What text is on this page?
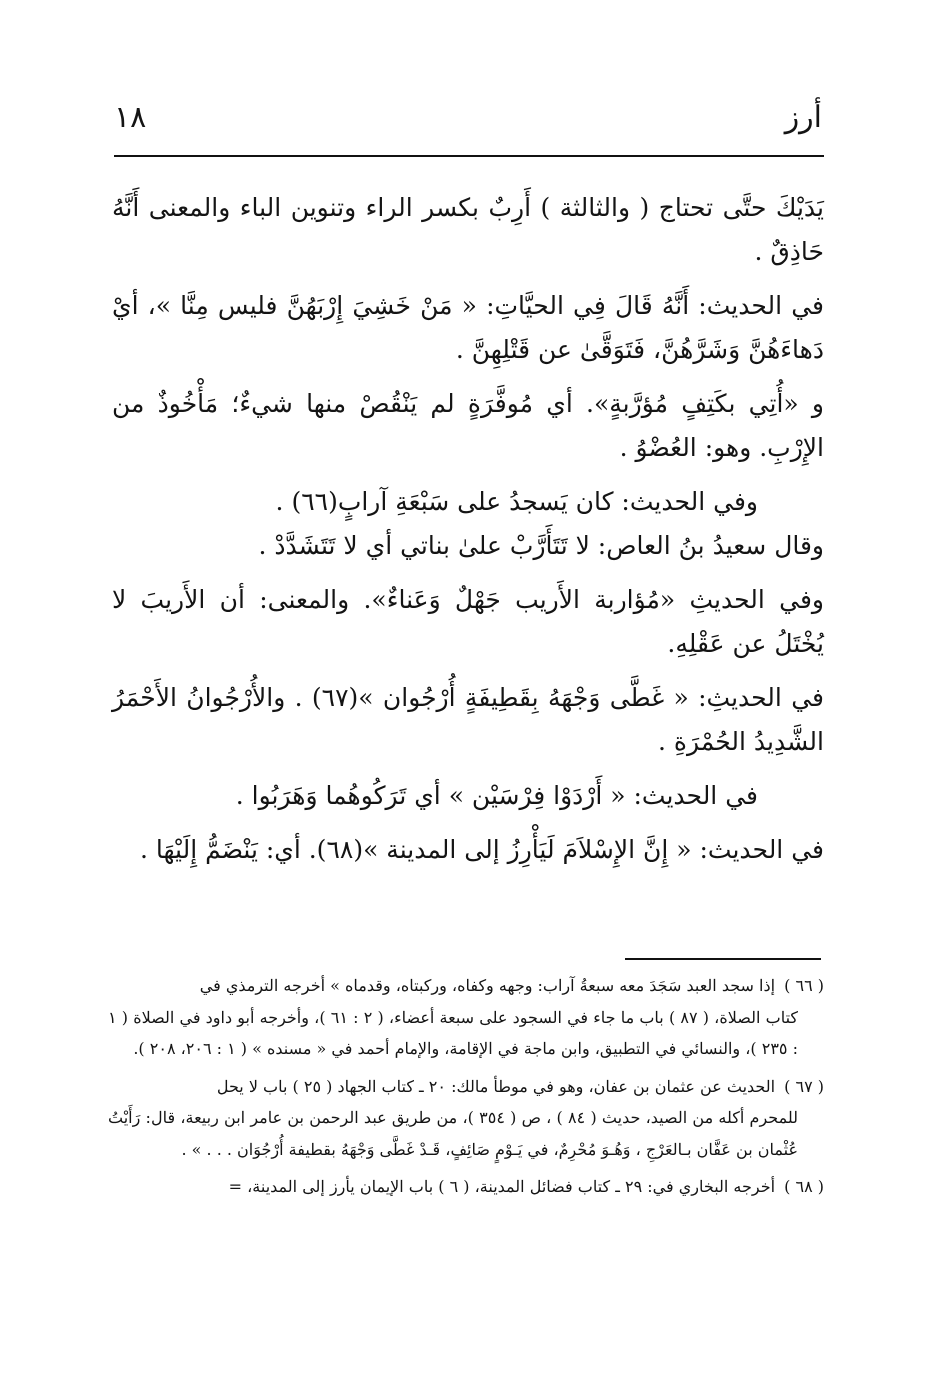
أرز
١٨

يَدَيْكَ حتَّى تحتاج ( والثالثة ) أَرِبٌ بكسر الراء وتنوين الباء والمعنى أَنَّهُ حَاذِقٌ .

في الحديث: أَنَّهُ قَالَ فِي الحيَّاتِ: « مَنْ خَشِيَ إِرْبَهُنَّ فليس مِنَّا »، أيْ دَهاءَهُنَّ وَشَرَّهُنَّ، فَتَوَقَّىٰ عن قَتْلِهِنَّ .

و «أُتِي بكَتِفٍ مُؤرَّبةٍ». أي مُوفَّرَةٍ لم يَنْقُصْ منها شيءٌ؛ مَأْخُوذٌ من الإِرْبِ. وهو: العُضْوُ .

وفي الحديث: كان يَسجدُ على سَبْعَةِ آرابٍ(٦٦) .

وقال سعيدُ بنُ العاص: لا تَتَأَرَّبْ علىٰ بناتي أي لا تَتَشَدَّدْ .

وفي الحديثِ «مُؤاربة الأَريب جَهْلٌ وَعَناءٌ». والمعنى: أن الأَريبَ لا يُخْتَلُ عن عَقْلِهِ.

في الحديثِ: « غَطَّى وَجْهَهُ بِقَطِيفَةٍ أُرْجُوان »(٦٧) . والأُرْجُوانُ الأَحْمَرُ الشَّدِيدُ الحُمْرَةِ .

في الحديث: « أَرْدَوْا فِرْسَيْن » أي تَرَكُوهُما وَهَرَبُوا .

في الحديث: « إِنَّ الإِسْلاَمَ لَيَأْرِزُ إلى المدينة »(٦٨). أي: يَنْضَمُّ إِلَيْهَا .

( ٦٦ ) إذا سجد العبد سَجَدَ معه سبعةُ آراب: وجهه وكفاه، وركبتاه، وقدماه » أخرجه الترمذي في
كتاب الصلاة، ( ٨٧ ) باب ما جاء في السجود على سبعة أعضاء، ( ٢ : ٦١ )، وأخرجه أبو داود في الصلاة ( ١ : ٢٣٥ )، والنسائي في التطبيق، وابن ماجة في الإقامة، والإمام أحمد في « مسنده » ( ١ : ٢٠٦، ٢٠٨ ).

( ٦٧ ) الحديث عن عثمان بن عفان، وهو في موطأ مالك: ٢٠ ـ كتاب الجهاد ( ٢٥ ) باب لا يحل
للمحرم أكله من الصيد، حديث ( ٨٤ ) ، ص ( ٣٥٤ )، من طريق عبد الرحمن بن عامر ابن ربيعة، قال: رَأَيْتُ عُثْمان بن عَفَّان بـالعَرْجِ ، وَهُـوَ مُحْرِمٌ، في يَـوْمٍ صَائِفٍ، قَـدْ غَطَّى وَجْهَهُ بقطيفة أُرْجُوَان . . . » .

( ٦٨ ) أخرجه البخاري في: ٢٩ ـ كتاب فضائل المدينة، ( ٦ ) باب الإيمان يأرز إلى المدينة، =
